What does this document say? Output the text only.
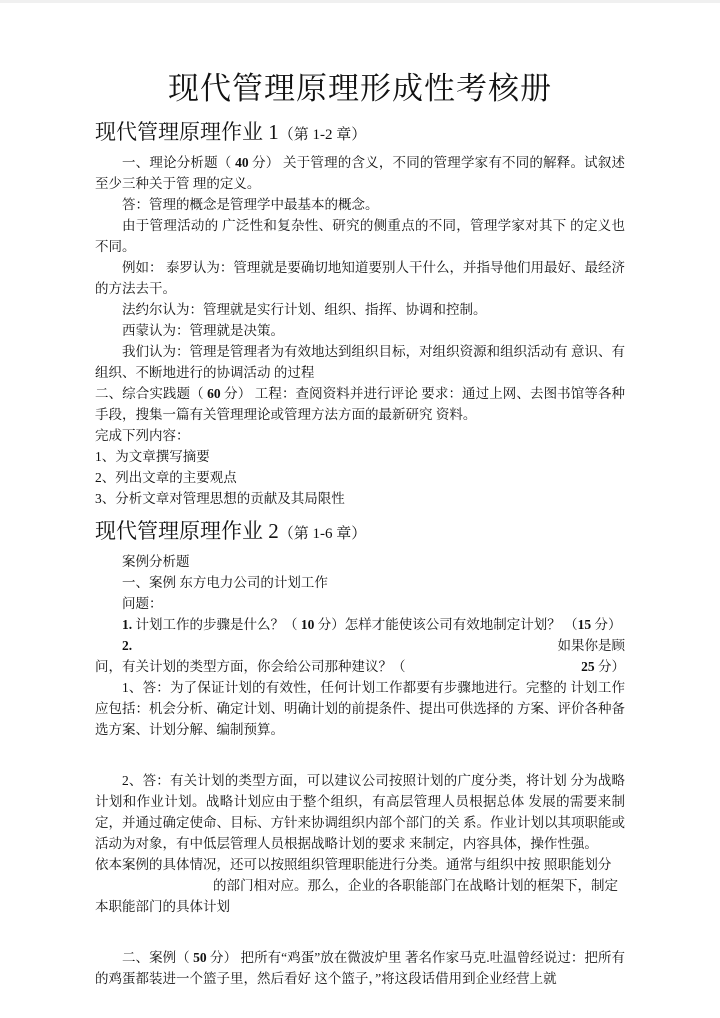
现代管理原理形成性考核册
现代管理原理作业 1（第 1-2 章）

一、理论分析题（ 40 分） 关于管理的含义，不同的管理学家有不同的解释。试叙述至少三种关于管 理的定义。

答：管理的概念是管理学中最基本的概念。

由于管理活动的 广泛性和复杂性、研究的侧重点的不同，管理学家对其下 的定义也不同。

例如： 泰罗认为：管理就是要确切地知道要别人干什么，并指导他们用最好、最经济的方法去干。

法约尔认为：管理就是实行计划、组织、指挥、协调和控制。

西蒙认为：管理就是决策。

我们认为：管理是管理者为有效地达到组织目标，对组织资源和组织活动有 意识、有组织、不断地进行的协调活动 的过程

二、综合实践题（ 60 分） 工程：查阅资料并进行评论 要求：通过上网、去图书馆等各种手段，搜集一篇有关管理理论或管理方法方面的最新研究 资料。

完成下列内容：

1、为文章撰写摘要

2、列出文章的主要观点

3、分析文章对管理思想的贡献及其局限性

现代管理原理作业 2（第 1-6 章）

案例分析题

一、案例 东方电力公司的计划工作

问题：

1. 计划工作的步骤是什么？（ 10 分）怎样才能使该公司有效地制定计划？ （15 分）

2.	如果你是顾
问，有关计划的类型方面，你会给公司那种建议？（	25 分）

1、答：为了保证计划的有效性，任何计划工作都要有步骤地进行。完整的 计划工作应包括：机会分析、确定计划、明确计划的前提条件、提出可供选择的 方案、评价各种备选方案、计划分解、编制预算。

2、答：有关计划的类型方面，可以建议公司按照计划的广度分类，将计划 分为战略计划和作业计划。战略计划应由于整个组织，有高层管理人员根据总体 发展的需要来制定，并通过确定使命、目标、方针来协调组织内部个部门的关 系。作业计划以其项职能或活动为对象，有中低层管理人员根据战略计划的要求 来制定，内容具体，操作性强。

依本案例的具体情况，还可以按照组织管理职能进行分类。通常与组织中按 照职能划分
的部门相对应。那么，企业的各职能部门在战略计划的框架下，制定
本职能部门的具体计划

二、案例（ 50 分） 把所有“鸡蛋”放在微波炉里 著名作家马克.吐温曾经说过：把所有的鸡蛋都装进一个篮子里，然后看好 这个篮子，”将这段话借用到企业经营上就
